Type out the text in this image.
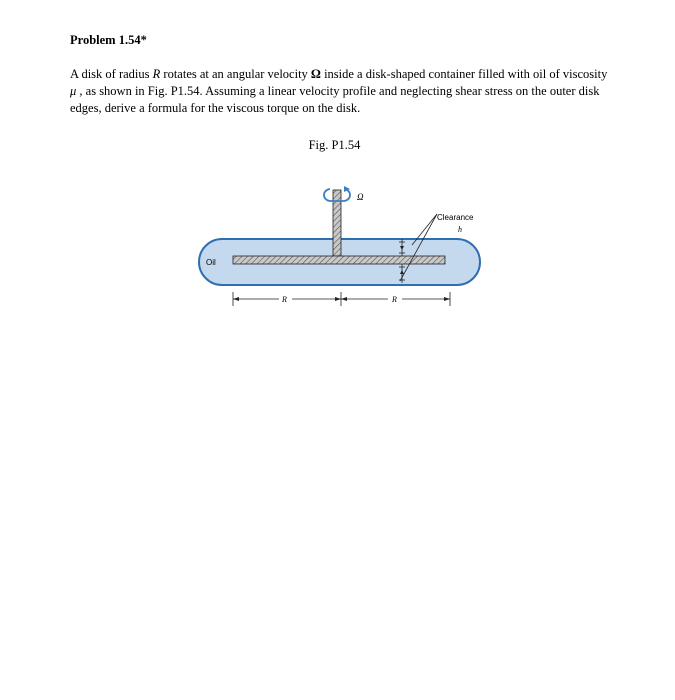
Problem 1.54*

A disk of radius R rotates at an angular velocity Ω inside a disk-shaped container filled with oil of viscosity μ , as shown in Fig. P1.54. Assuming a linear velocity profile and neglecting shear stress on the outer disk edges, derive a formula for the viscous torque on the disk.

Fig. P1.54
Ω
Clearance
h
Oil
R	R
